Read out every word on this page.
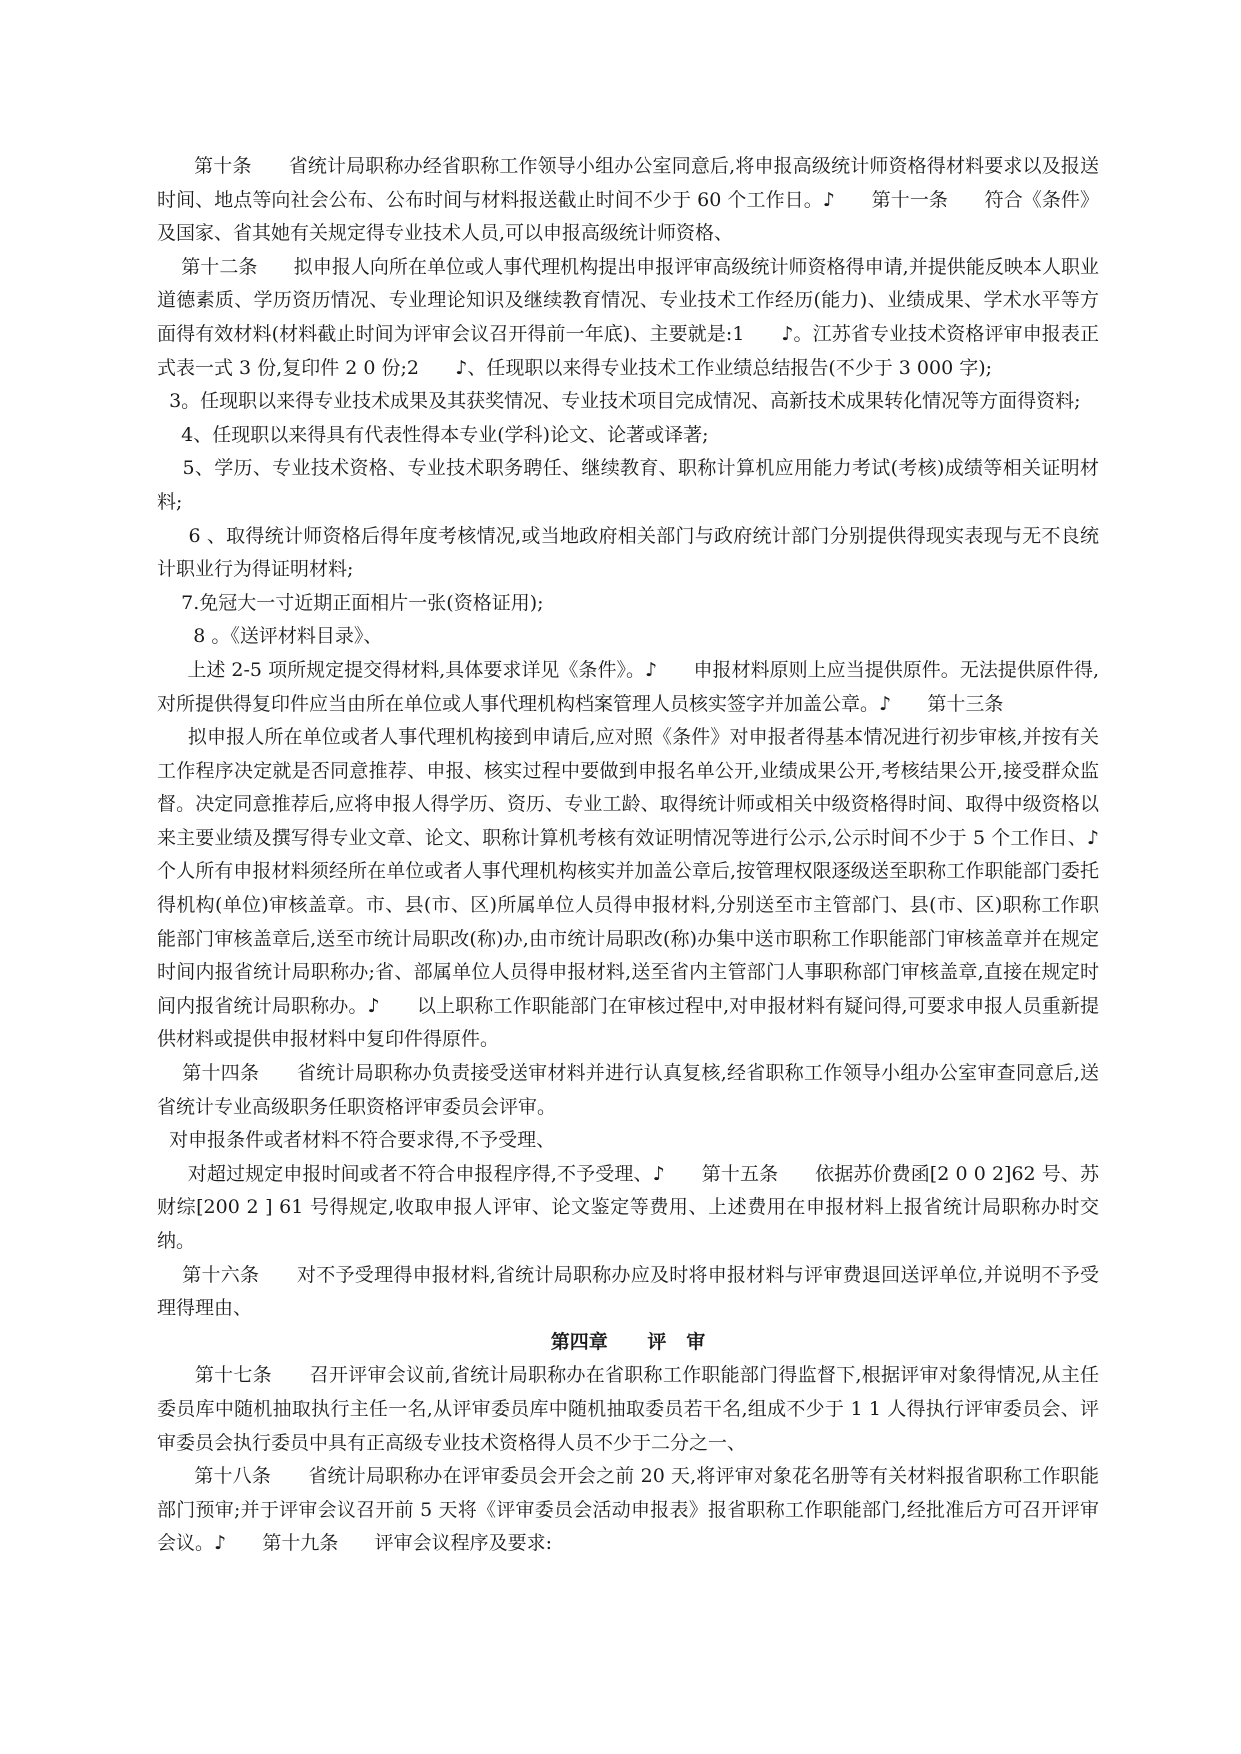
第十条      省统计局职称办经省职称工作领导小组办公室同意后,将申报高级统计师资格得材料要求以及报送时间、地点等向社会公布、公布时间与材料报送截止时间不少于 60 个工作日。♪      第十一条      符合《条件》及国家、省其她有关规定得专业技术人员,可以申报高级统计师资格、

第十二条      拟申报人向所在单位或人事代理机构提出申报评审高级统计师资格得申请,并提供能反映本人职业道德素质、学历资历情况、专业理论知识及继续教育情况、专业技术工作经历(能力)、业绩成果、学术水平等方面得有效材料(材料截止时间为评审会议召开得前一年底)、主要就是:1      ♪。江苏省专业技术资格评审申报表正式表一式 3 份,复印件 2 0 份;2      ♪、任现职以来得专业技术工作业绩总结报告(不少于 3 000 字);

3。任现职以来得专业技术成果及其获奖情况、专业技术项目完成情况、高新技术成果转化情况等方面得资料;

4、任现职以来得具有代表性得本专业(学科)论文、论著或译著;

5、学历、专业技术资格、专业技术职务聘任、继续教育、职称计算机应用能力考试(考核)成绩等相关证明材料;

6 、取得统计师资格后得年度考核情况,或当地政府相关部门与政府统计部门分别提供得现实表现与无不良统计职业行为得证明材料;

7.免冠大一寸近期正面相片一张(资格证用);

8 。《送评材料目录》、

上述 2-5 项所规定提交得材料,具体要求详见《条件》。♪      申报材料原则上应当提供原件。无法提供原件得,对所提供得复印件应当由所在单位或人事代理机构档案管理人员核实签字并加盖公章。♪      第十三条

拟申报人所在单位或者人事代理机构接到申请后,应对照《条件》对申报者得基本情况进行初步审核,并按有关工作程序决定就是否同意推荐、申报、核实过程中要做到申报名单公开,业绩成果公开,考核结果公开,接受群众监督。决定同意推荐后,应将申报人得学历、资历、专业工龄、取得统计师或相关中级资格得时间、取得中级资格以来主要业绩及撰写得专业文章、论文、职称计算机考核有效证明情况等进行公示,公示时间不少于 5 个工作日、♪      个人所有申报材料须经所在单位或者人事代理机构核实并加盖公章后,按管理权限逐级送至职称工作职能部门委托得机构(单位)审核盖章。市、县(市、区)所属单位人员得申报材料,分别送至市主管部门、县(市、区)职称工作职能部门审核盖章后,送至市统计局职改(称)办,由市统计局职改(称)办集中送市职称工作职能部门审核盖章并在规定时间内报省统计局职称办;省、部属单位人员得申报材料,送至省内主管部门人事职称部门审核盖章,直接在规定时间内报省统计局职称办。♪      以上职称工作职能部门在审核过程中,对申报材料有疑问得,可要求申报人员重新提供材料或提供申报材料中复印件得原件。

第十四条      省统计局职称办负责接受送审材料并进行认真复核,经省职称工作领导小组办公室审查同意后,送省统计专业高级职务任职资格评审委员会评审。

对申报条件或者材料不符合要求得,不予受理、

对超过规定申报时间或者不符合申报程序得,不予受理、♪      第十五条      依据苏价费函[2 0 0 2]62 号、苏财综[200 2 ] 61 号得规定,收取申报人评审、论文鉴定等费用、上述费用在申报材料上报省统计局职称办时交纳。

第十六条      对不予受理得申报材料,省统计局职称办应及时将申报材料与评审费退回送评单位,并说明不予受理得理由、

第四章      评   审

第十七条      召开评审会议前,省统计局职称办在省职称工作职能部门得监督下,根据评审对象得情况,从主任委员库中随机抽取执行主任一名,从评审委员库中随机抽取委员若干名,组成不少于 1 1 人得执行评审委员会、评审委员会执行委员中具有正高级专业技术资格得人员不少于二分之一、

第十八条      省统计局职称办在评审委员会开会之前 20 天,将评审对象花名册等有关材料报省职称工作职能部门预审;并于评审会议召开前 5 天将《评审委员会活动申报表》报省职称工作职能部门,经批准后方可召开评审会议。♪      第十九条      评审会议程序及要求:
